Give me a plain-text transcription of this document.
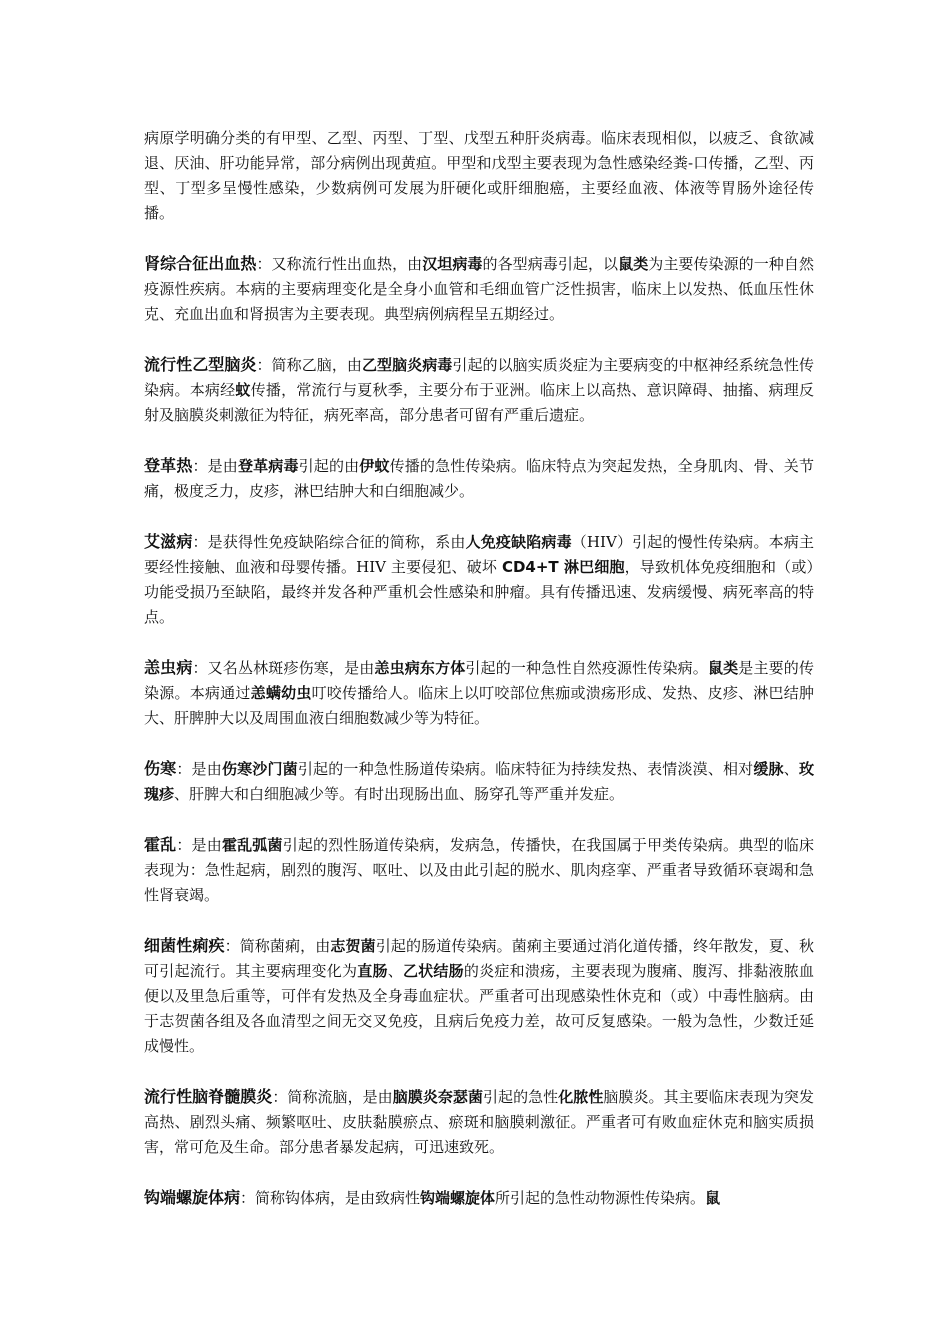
病原学明确分类的有甲型、乙型、丙型、丁型、戊型五种肝炎病毒。临床表现相似，以疲乏、食欲减退、厌油、肝功能异常，部分病例出现黄疸。甲型和戊型主要表现为急性感染经粪-口传播，乙型、丙型、丁型多呈慢性感染，少数病例可发展为肝硬化或肝细胞癌，主要经血液、体液等胃肠外途径传播。

肾综合征出血热：又称流行性出血热，由汉坦病毒的各型病毒引起，以鼠类为主要传染源的一种自然疫源性疾病。本病的主要病理变化是全身小血管和毛细血管广泛性损害，临床上以发热、低血压性休克、充血出血和肾损害为主要表现。典型病例病程呈五期经过。

流行性乙型脑炎：简称乙脑，由乙型脑炎病毒引起的以脑实质炎症为主要病变的中枢神经系统急性传染病。本病经蚊传播，常流行与夏秋季，主要分布于亚洲。临床上以高热、意识障碍、抽搐、病理反射及脑膜炎刺激征为特征，病死率高，部分患者可留有严重后遗症。

登革热：是由登革病毒引起的由伊蚊传播的急性传染病。临床特点为突起发热，全身肌肉、骨、关节痛，极度乏力，皮疹，淋巴结肿大和白细胞减少。

艾滋病：是获得性免疫缺陷综合征的简称，系由人免疫缺陷病毒（HIV）引起的慢性传染病。本病主要经性接触、血液和母婴传播。HIV 主要侵犯、破坏 CD4+T 淋巴细胞，导致机体免疫细胞和（或）功能受损乃至缺陷，最终并发各种严重机会性感染和肿瘤。具有传播迅速、发病缓慢、病死率高的特点。

恙虫病：又名丛林斑疹伤寒，是由恙虫病东方体引起的一种急性自然疫源性传染病。鼠类是主要的传染源。本病通过恙螨幼虫叮咬传播给人。临床上以叮咬部位焦痂或溃疡形成、发热、皮疹、淋巴结肿大、肝脾肿大以及周围血液白细胞数减少等为特征。

伤寒：是由伤寒沙门菌引起的一种急性肠道传染病。临床特征为持续发热、表情淡漠、相对缓脉、玫瑰疹、肝脾大和白细胞减少等。有时出现肠出血、肠穿孔等严重并发症。

霍乱：是由霍乱弧菌引起的烈性肠道传染病，发病急，传播快，在我国属于甲类传染病。典型的临床表现为：急性起病，剧烈的腹泻、呕吐、以及由此引起的脱水、肌肉痉挛、严重者导致循环衰竭和急性肾衰竭。

细菌性痢疾：简称菌痢，由志贺菌引起的肠道传染病。菌痢主要通过消化道传播，终年散发，夏、秋可引起流行。其主要病理变化为直肠、乙状结肠的炎症和溃疡，主要表现为腹痛、腹泻、排黏液脓血便以及里急后重等，可伴有发热及全身毒血症状。严重者可出现感染性休克和（或）中毒性脑病。由于志贺菌各组及各血清型之间无交叉免疫，且病后免疫力差，故可反复感染。一般为急性，少数迁延成慢性。

流行性脑脊髓膜炎：简称流脑，是由脑膜炎奈瑟菌引起的急性化脓性脑膜炎。其主要临床表现为突发高热、剧烈头痛、频繁呕吐、皮肤黏膜瘀点、瘀斑和脑膜刺激征。严重者可有败血症休克和脑实质损害，常可危及生命。部分患者暴发起病，可迅速致死。

钩端螺旋体病：简称钩体病，是由致病性钩端螺旋体所引起的急性动物源性传染病。鼠
